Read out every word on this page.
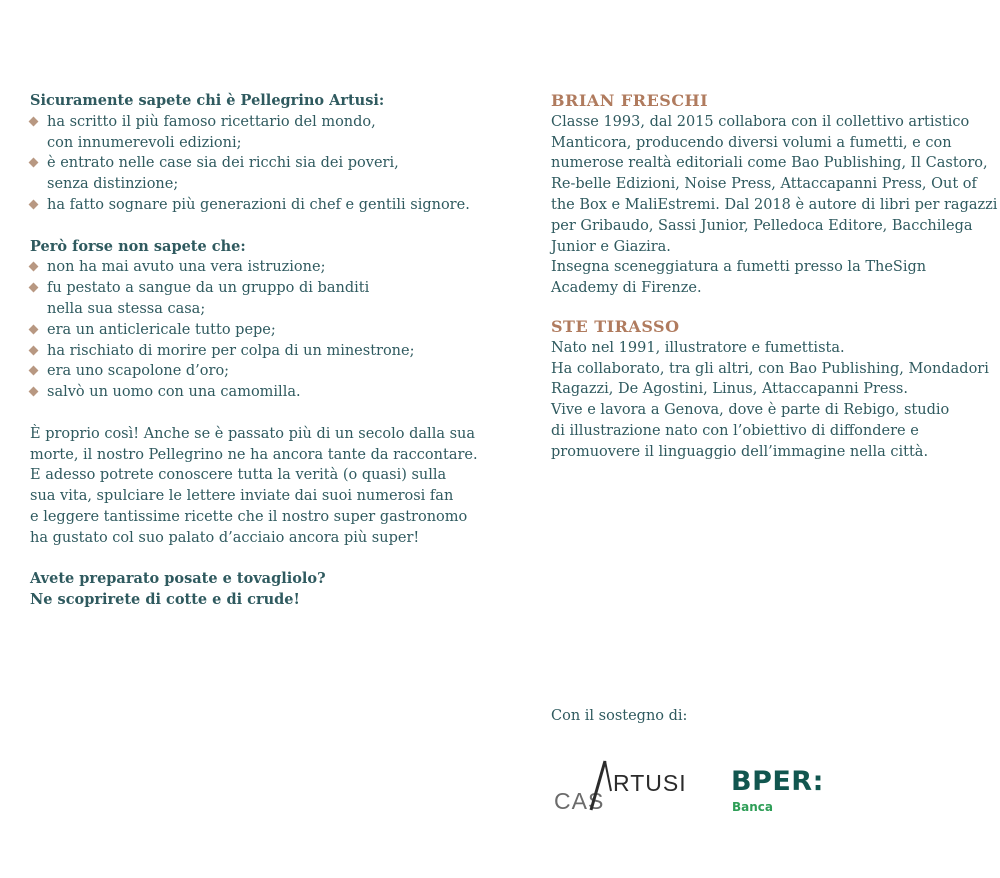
Sicuramente sapete chi è Pellegrino Artusi:
ha scritto il più famoso ricettario del mondo,
con innumerevoli edizioni;
è entrato nelle case sia dei ricchi sia dei poveri,
senza distinzione;
ha fatto sognare più generazioni di chef e gentili signore.
Però forse non sapete che:
non ha mai avuto una vera istruzione;
fu pestato a sangue da un gruppo di banditi
nella sua stessa casa;
era un anticlericale tutto pepe;
ha rischiato di morire per colpa di un minestrone;
era uno scapolone d’oro;
salvò un uomo con una camomilla.
È proprio così! Anche se è passato più di un secolo dalla sua
morte, il nostro Pellegrino ne ha ancora tante da raccontare.
E adesso potrete conoscere tutta la verità (o quasi) sulla
sua vita, spulciare le lettere inviate dai suoi numerosi fan
e leggere tantissime ricette che il nostro super gastronomo
ha gustato col suo palato d’acciaio ancora più super!
Avete preparato posate e tovagliolo?
Ne scoprirete di cotte e di crude!
BRIAN FRESCHI
Classe 1993, dal 2015 collabora con il collettivo artistico
Manticora, producendo diversi volumi a fumetti, e con
numerose realtà editoriali come Bao Publishing, Il Castoro,
Re-belle Edizioni, Noise Press, Attaccapanni Press, Out of
the Box e MaliEstremi. Dal 2018 è autore di libri per ragazzi
per Gribaudo, Sassi Junior, Pelledoca Editore, Bacchilega
Junior e Giazira.
Insegna sceneggiatura a fumetti presso la TheSign
Academy di Firenze.
STE TIRASSO
Nato nel 1991, illustratore e fumettista.
Ha collaborato, tra gli altri, con Bao Publishing, Mondadori
Ragazzi, De Agostini, Linus, Attaccapanni Press.
Vive e lavora a Genova, dove è parte di Rebigo, studio
di illustrazione nato con l’obiettivo di diffondere e
promuovere il linguaggio dell’immagine nella città.
Con il sostegno di:
CAS
RTUSI BPER:
Banca
